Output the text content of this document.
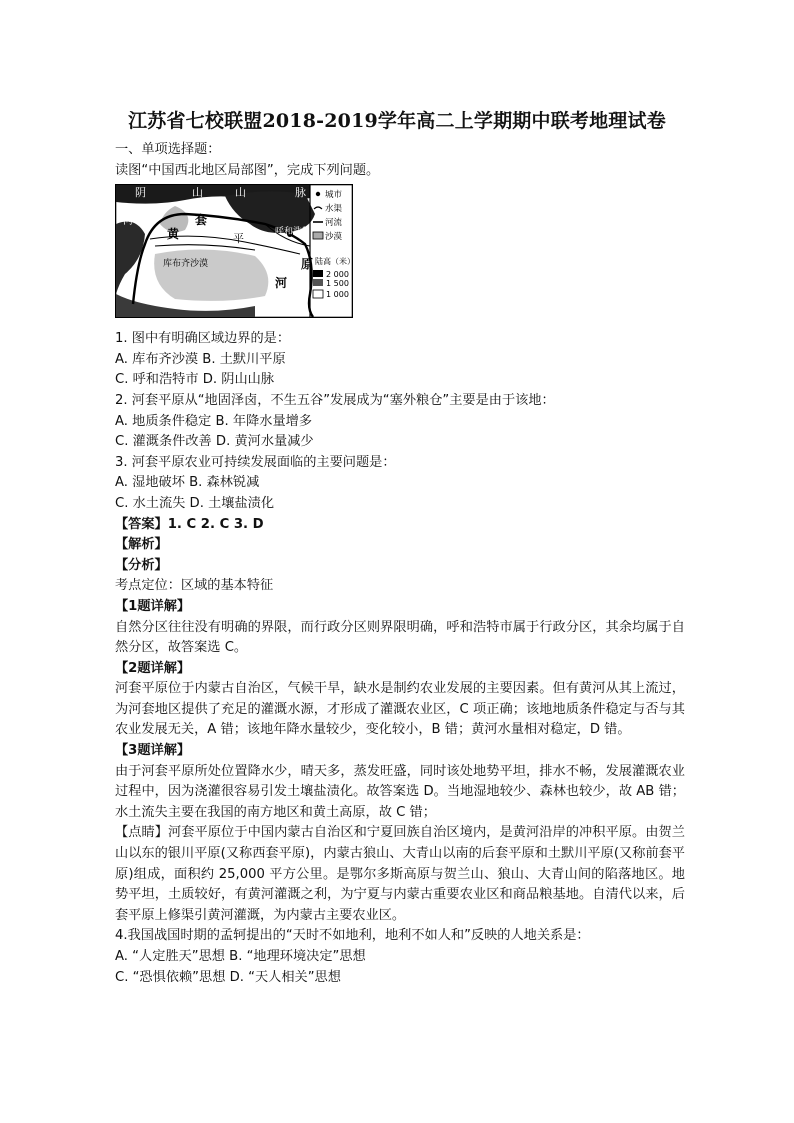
江苏省七校联盟2018-2019学年高二上学期期中联考地理试卷
一、单项选择题：
读图“中国西北地区局部图”，完成下列问题。
阴	山	山	脉
河
黄
套
平
原
河
呼和浩特
库布齐沙漠
城市
水渠
河流
沙漠
陆高（米）
2 000
1 500
1 000
1. 图中有明确区域边界的是：
A. 库布齐沙漠 B. 土默川平原
C. 呼和浩特市 D. 阴山山脉
2. 河套平原从“地固泽卤，不生五谷”发展成为“塞外粮仓”主要是由于该地：
A. 地质条件稳定 B. 年降水量增多
C. 灌溉条件改善 D. 黄河水量减少
3. 河套平原农业可持续发展面临的主要问题是：
A. 湿地破坏 B. 森林锐减
C. 水土流失 D. 土壤盐渍化
【答案】1. C 2. C 3. D
【解析】
【分析】
考点定位：区域的基本特征
【1题详解】
自然分区往往没有明确的界限，而行政分区则界限明确，呼和浩特市属于行政分区，其余均属于自然分区，故答案选 C。
【2题详解】
河套平原位于内蒙古自治区，气候干旱，缺水是制约农业发展的主要因素。但有黄河从其上流过，为河套地区提供了充足的灌溉水源，才形成了灌溉农业区，C 项正确；该地地质条件稳定与否与其农业发展无关，A 错；该地年降水量较少，变化较小，B 错；黄河水量相对稳定，D 错。
【3题详解】
由于河套平原所处位置降水少，晴天多，蒸发旺盛，同时该处地势平坦，排水不畅，发展灌溉农业过程中，因为浇灌很容易引发土壤盐渍化。故答案选 D。当地湿地较少、森林也较少，故 AB 错；水土流失主要在我国的南方地区和黄土高原，故 C 错；
【点睛】河套平原位于中国内蒙古自治区和宁夏回族自治区境内，是黄河沿岸的冲积平原。由贺兰山以东的银川平原(又称西套平原)，内蒙古狼山、大青山以南的后套平原和土默川平原(又称前套平原)组成，面积约 25,000 平方公里。是鄂尔多斯高原与贺兰山、狼山、大青山间的陷落地区。地势平坦，土质较好，有黄河灌溉之利，为宁夏与内蒙古重要农业区和商品粮基地。自清代以来，后套平原上修渠引黄河灌溉，为内蒙古主要农业区。
4.我国战国时期的孟轲提出的“天时不如地利，地利不如人和”反映的人地关系是：
A. “人定胜天”思想 B. “地理环境决定”思想
C. “恐惧依赖”思想 D. “天人相关”思想
